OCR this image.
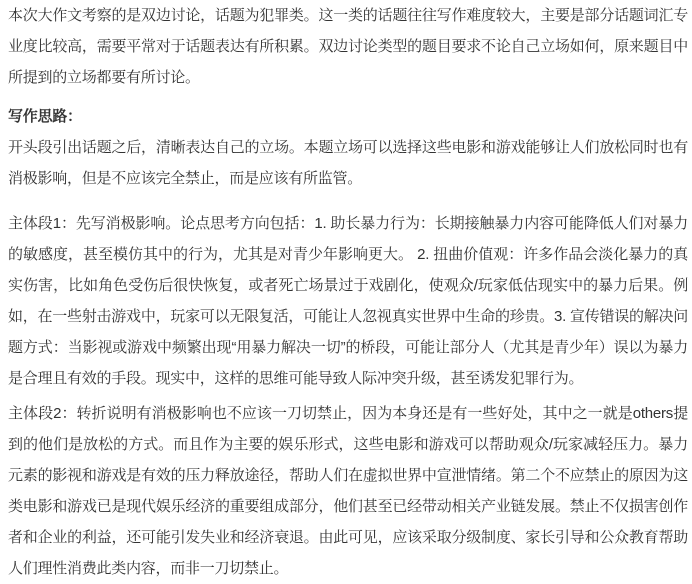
本次大作文考察的是双边讨论，话题为犯罪类。这一类的话题往往写作难度较大，主要是部分话题词汇专业度比较高，需要平常对于话题表达有所积累。双边讨论类型的题目要求不论自己立场如何，原来题目中所提到的立场都要有所讨论。

写作思路：

开头段引出话题之后，清晰表达自己的立场。本题立场可以选择这些电影和游戏能够让人们放松同时也有消极影响，但是不应该完全禁止，而是应该有所监管。

主体段1：先写消极影响。论点思考方向包括：1. 助长暴力行为：长期接触暴力内容可能降低人们对暴力的敏感度，甚至模仿其中的行为，尤其是对青少年影响更大。 2. 扭曲价值观：许多作品会淡化暴力的真实伤害，比如角色受伤后很快恢复，或者死亡场景过于戏剧化，使观众/玩家低估现实中的暴力后果。例如，在一些射击游戏中，玩家可以无限复活，可能让人忽视真实世界中生命的珍贵。3. 宣传错误的解决问题方式：当影视或游戏中频繁出现“用暴力解决一切”的桥段，可能让部分人（尤其是青少年）误以为暴力是合理且有效的手段。现实中，这样的思维可能导致人际冲突升级，甚至诱发犯罪行为。

主体段2：转折说明有消极影响也不应该一刀切禁止，因为本身还是有一些好处，其中之一就是others提到的他们是放松的方式。而且作为主要的娱乐形式，这些电影和游戏可以帮助观众/玩家减轻压力。暴力元素的影视和游戏是有效的压力释放途径，帮助人们在虚拟世界中宣泄情绪。第二个不应禁止的原因为这类电影和游戏已是现代娱乐经济的重要组成部分，他们甚至已经带动相关产业链发展。禁止不仅损害创作者和企业的利益，还可能引发失业和经济衰退。由此可见，应该采取分级制度、家长引导和公众教育帮助人们理性消费此类内容，而非一刀切禁止。
